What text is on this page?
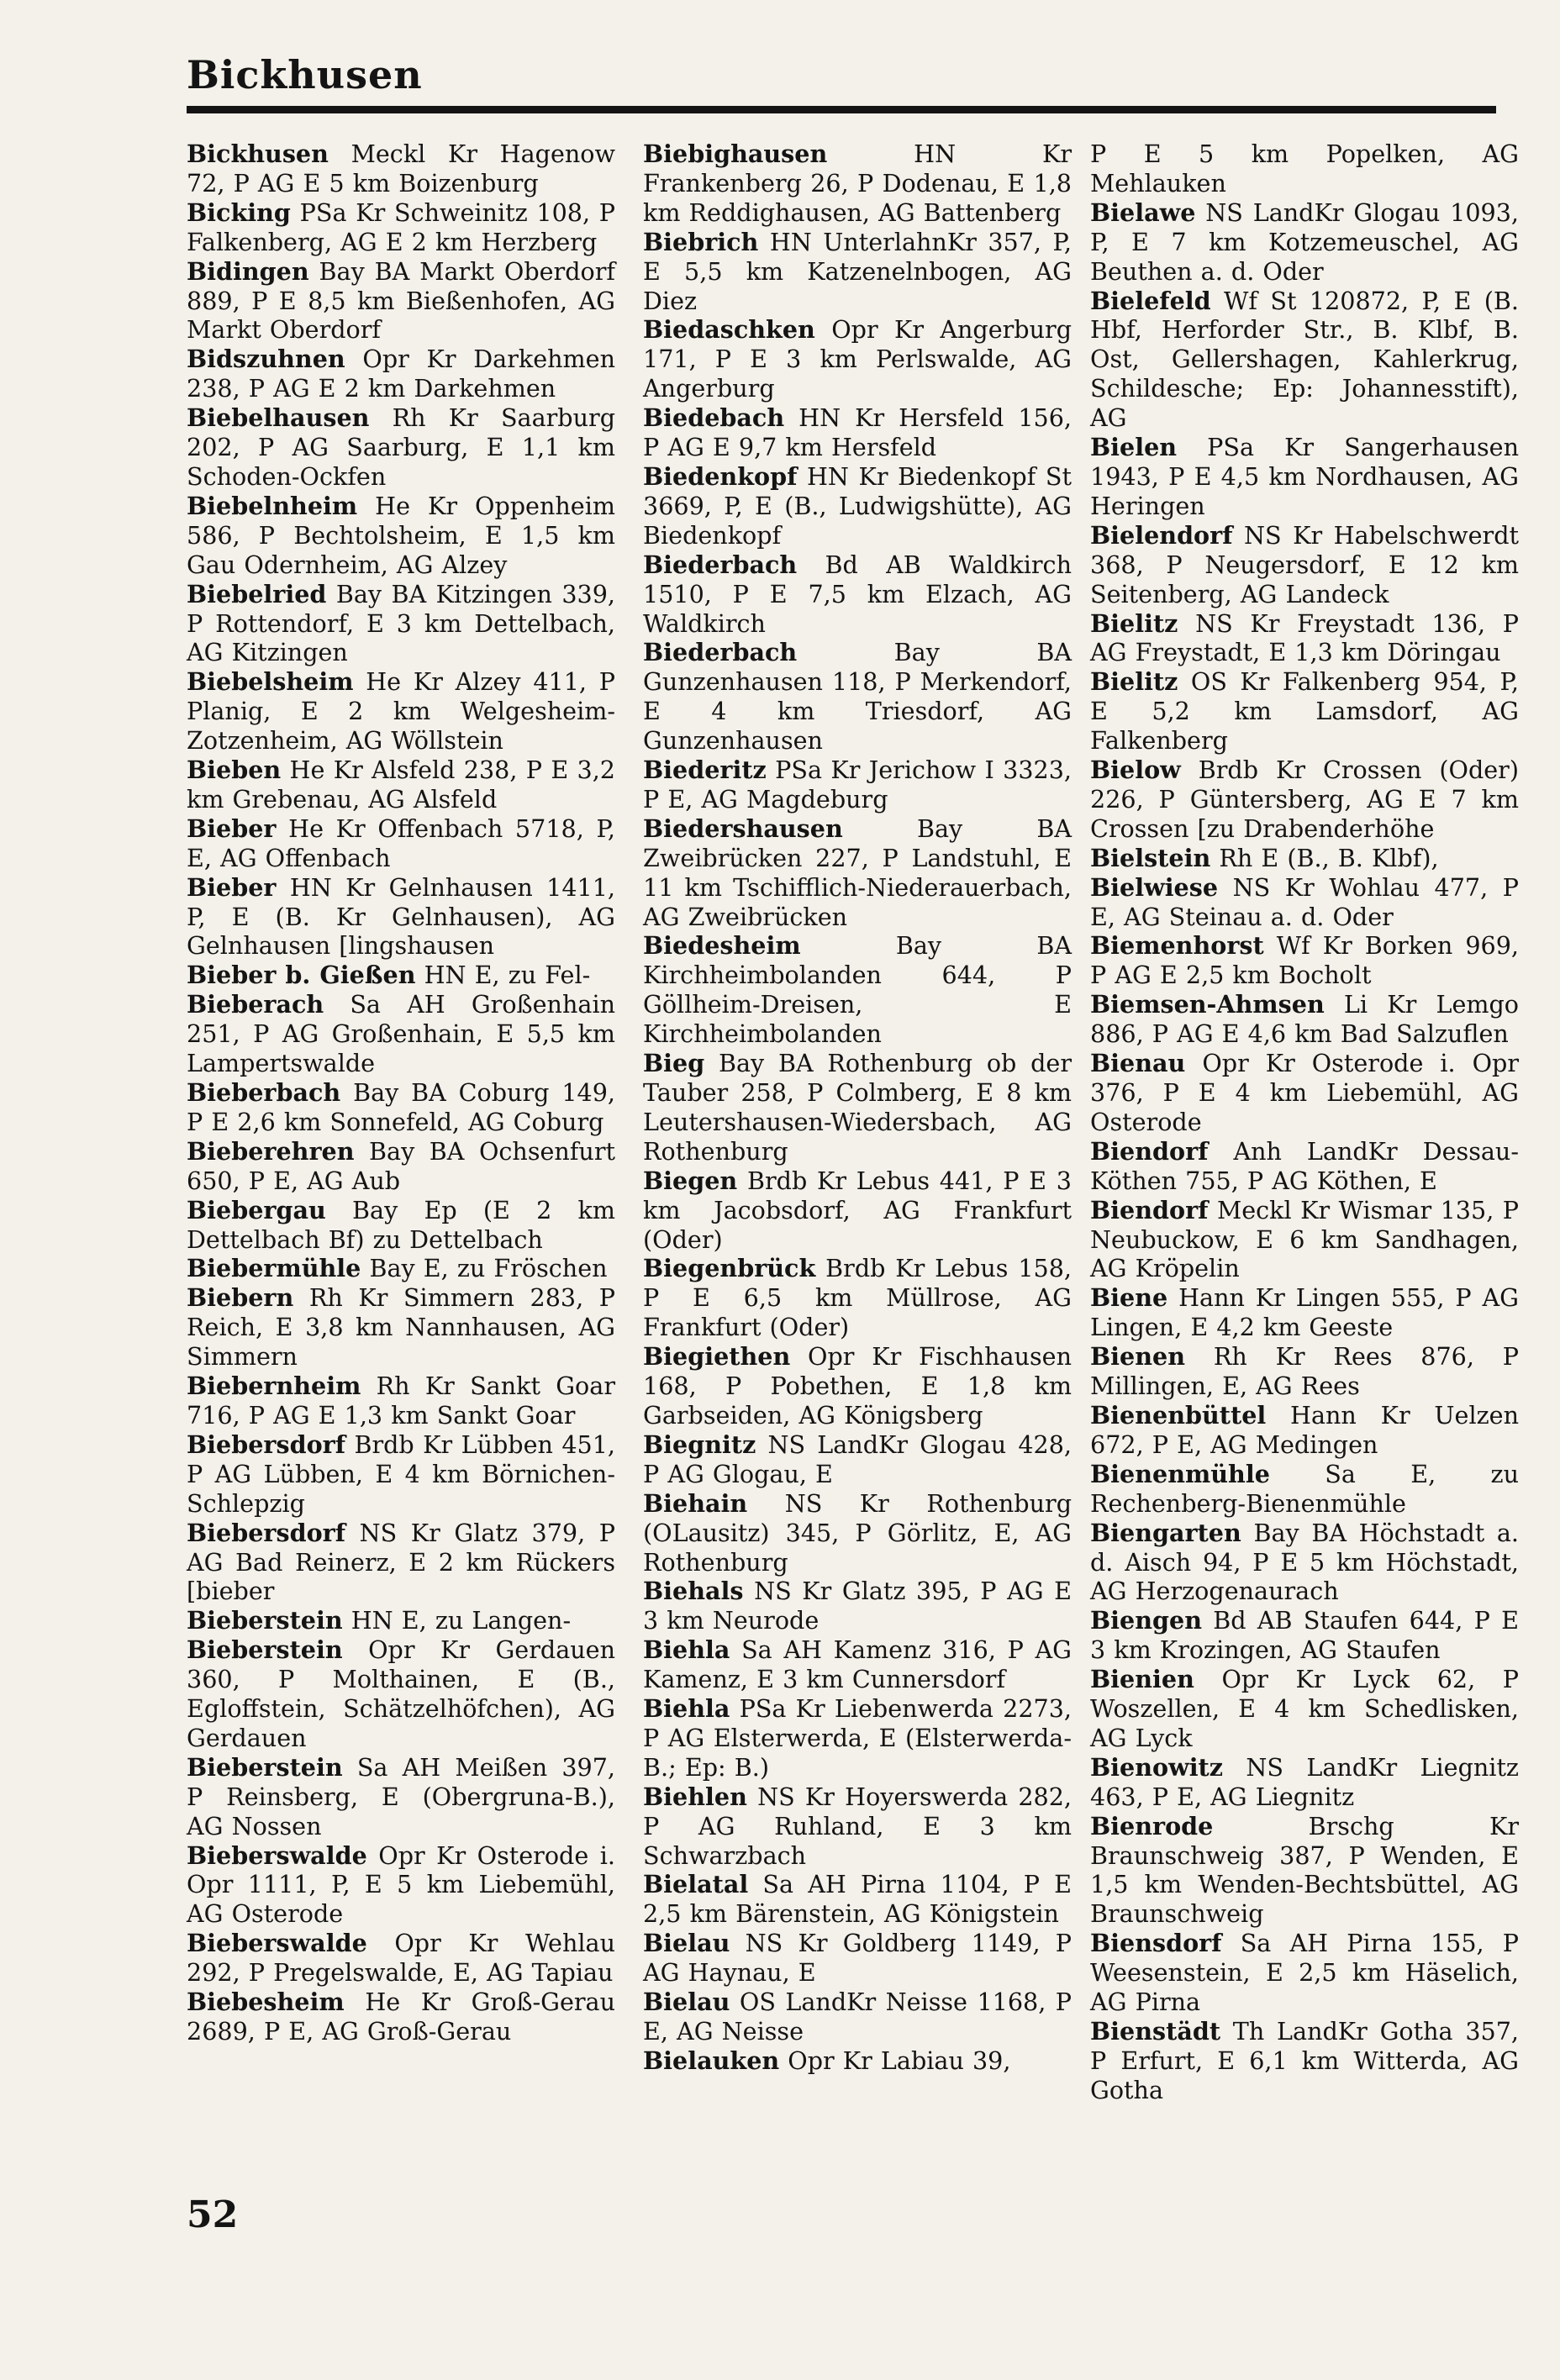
Bickhusen

Bickhusen Meckl Kr Hagenow 72, P AG E 5 km Boizenburg

Bicking PSa Kr Schweinitz 108, P Falkenberg, AG E 2 km Herzberg

Bidingen Bay BA Markt Oberdorf 889, P E 8,5 km Bießenhofen, AG Markt Oberdorf

Bidszuhnen Opr Kr Darkehmen 238, P AG E 2 km Darkehmen

Biebelhausen Rh Kr Saarburg 202, P AG Saarburg, E 1,1 km Schoden-Ockfen

Biebelnheim He Kr Oppenheim 586, P Bechtolsheim, E 1,5 km Gau Odernheim, AG Alzey

Biebelried Bay BA Kitzingen 339, P Rottendorf, E 3 km Dettelbach, AG Kitzingen

Biebelsheim He Kr Alzey 411, P Planig, E 2 km Welgesheim-Zotzenheim, AG Wöllstein

Bieben He Kr Alsfeld 238, P E 3,2 km Grebenau, AG Alsfeld

Bieber He Kr Offenbach 5718, P, E, AG Offenbach

Bieber HN Kr Gelnhausen 1411, P, E (B. Kr Gelnhausen), AG Gelnhausen [lingshausen

Bieber b. Gießen HN E, zu Fel-

Bieberach Sa AH Großenhain 251, P AG Großenhain, E 5,5 km Lampertswalde

Bieberbach Bay BA Coburg 149, P E 2,6 km Sonnefeld, AG Coburg

Bieberehren Bay BA Ochsenfurt 650, P E, AG Aub

Biebergau Bay Ep (E 2 km Dettelbach Bf) zu Dettelbach

Biebermühle Bay E, zu Fröschen

Biebern Rh Kr Simmern 283, P Reich, E 3,8 km Nannhausen, AG Simmern

Biebernheim Rh Kr Sankt Goar 716, P AG E 1,3 km Sankt Goar

Biebersdorf Brdb Kr Lübben 451, P AG Lübben, E 4 km Börnichen-Schlepzig

Biebersdorf NS Kr Glatz 379, P AG Bad Reinerz, E 2 km Rückers [bieber

Bieberstein HN E, zu Langen-

Bieberstein Opr Kr Gerdauen 360, P Molthainen, E (B., Egloffstein, Schätzelhöfchen), AG Gerdauen

Bieberstein Sa AH Meißen 397, P Reinsberg, E (Obergruna-B.), AG Nossen

Bieberswalde Opr Kr Osterode i. Opr 1111, P, E 5 km Liebemühl, AG Osterode

Bieberswalde Opr Kr Wehlau 292, P Pregelswalde, E, AG Tapiau

Biebesheim He Kr Groß-Gerau 2689, P E, AG Groß-Gerau

Biebighausen	HN Kr Frankenberg 26, P Dodenau, E 1,8 km Reddighausen, AG Battenberg

Biebrich HN UnterlahnKr 357, P, E 5,5 km Katzenelnbogen, AG Diez

Biedaschken Opr Kr Angerburg 171, P E 3 km Perlswalde, AG Angerburg

Biedebach HN Kr Hersfeld 156, P AG E 9,7 km Hersfeld

Biedenkopf HN Kr Biedenkopf St 3669, P, E (B., Ludwigshütte), AG Biedenkopf

Biederbach Bd AB Waldkirch 1510, P E 7,5 km Elzach, AG Waldkirch

Biederbach	Bay BA Gunzenhausen 118, P Merkendorf, E 4 km Triesdorf, AG Gunzenhausen

Biederitz PSa Kr Jerichow I 3323, P E, AG Magdeburg

Biedershausen	Bay BA Zweibrücken 227, P Landstuhl, E 11 km Tschifflich-Niederauerbach, AG Zweibrücken

Biedesheim	Bay BA Kirchheimbolanden 644, P Göllheim-Dreisen, E Kirchheimbolanden

Bieg Bay BA Rothenburg ob der Tauber 258, P Colmberg, E 8 km Leutershausen-Wiedersbach, AG Rothenburg

Biegen Brdb Kr Lebus 441, P E 3 km Jacobsdorf, AG Frankfurt (Oder)

Biegenbrück Brdb Kr Lebus 158, P E 6,5 km Müllrose, AG Frankfurt (Oder)

Biegiethen Opr Kr Fischhausen 168, P Pobethen, E 1,8 km Garbseiden, AG Königsberg

Biegnitz NS LandKr Glogau 428, P AG Glogau, E

Biehain NS Kr Rothenburg (OLausitz) 345, P Görlitz, E, AG Rothenburg

Biehals NS Kr Glatz 395, P AG E 3 km Neurode

Biehla Sa AH Kamenz 316, P AG Kamenz, E 3 km Cunnersdorf

Biehla PSa Kr Liebenwerda 2273, P AG Elsterwerda, E (Elsterwerda-B.; Ep: B.)

Biehlen NS Kr Hoyerswerda 282, P AG Ruhland, E 3 km Schwarzbach

Bielatal Sa AH Pirna 1104, P E 2,5 km Bärenstein, AG Königstein

Bielau NS Kr Goldberg 1149, P AG Haynau, E

Bielau OS LandKr Neisse 1168, P E, AG Neisse

Bielauken Opr Kr Labiau 39,

P E 5 km Popelken, AG Mehlauken

Bielawe NS LandKr Glogau 1093, P, E 7 km Kotzemeuschel, AG Beuthen a. d. Oder

Bielefeld Wf St 120872, P, E (B. Hbf, Herforder Str., B. Klbf, B. Ost, Gellershagen, Kahlerkrug, Schildesche; Ep: Johannesstift), AG

Bielen PSa Kr Sangerhausen 1943, P E 4,5 km Nordhausen, AG Heringen

Bielendorf NS Kr Habelschwerdt 368, P Neugersdorf, E 12 km Seitenberg, AG Landeck

Bielitz NS Kr Freystadt 136, P AG Freystadt, E 1,3 km Döringau

Bielitz OS Kr Falkenberg 954, P, E 5,2 km Lamsdorf, AG Falkenberg

Bielow Brdb Kr Crossen (Oder) 226, P Güntersberg, AG E 7 km Crossen [zu Drabenderhöhe

Bielstein Rh E (B., B. Klbf),

Bielwiese NS Kr Wohlau 477, P E, AG Steinau a. d. Oder

Biemenhorst Wf Kr Borken 969, P AG E 2,5 km Bocholt

Biemsen-Ahmsen Li Kr Lemgo 886, P AG E 4,6 km Bad Salzuflen

Bienau Opr Kr Osterode i. Opr 376, P E 4 km Liebemühl, AG Osterode

Biendorf Anh LandKr Dessau-Köthen 755, P AG Köthen, E

Biendorf Meckl Kr Wismar 135, P Neubuckow, E 6 km Sandhagen, AG Kröpelin

Biene Hann Kr Lingen 555, P AG Lingen, E 4,2 km Geeste

Bienen Rh Kr Rees 876, P Millingen, E, AG Rees

Bienenbüttel Hann Kr Uelzen 672, P E, AG Medingen

Bienenmühle Sa E, zu Rechenberg-Bienenmühle

Biengarten Bay BA Höchstadt a. d. Aisch 94, P E 5 km Höchstadt, AG Herzogenaurach

Biengen Bd AB Staufen 644, P E 3 km Krozingen, AG Staufen

Bienien Opr Kr Lyck 62, P Woszellen, E 4 km Schedlisken, AG Lyck

Bienowitz NS LandKr Liegnitz 463, P E, AG Liegnitz

Bienrode	Brschg Kr Braunschweig 387, P Wenden, E 1,5 km Wenden-Bechtsbüttel, AG Braunschweig

Biensdorf Sa AH Pirna 155, P Weesenstein, E 2,5 km Häselich, AG Pirna

Bienstädt Th LandKr Gotha 357, P Erfurt, E 6,1 km Witterda, AG Gotha

52
